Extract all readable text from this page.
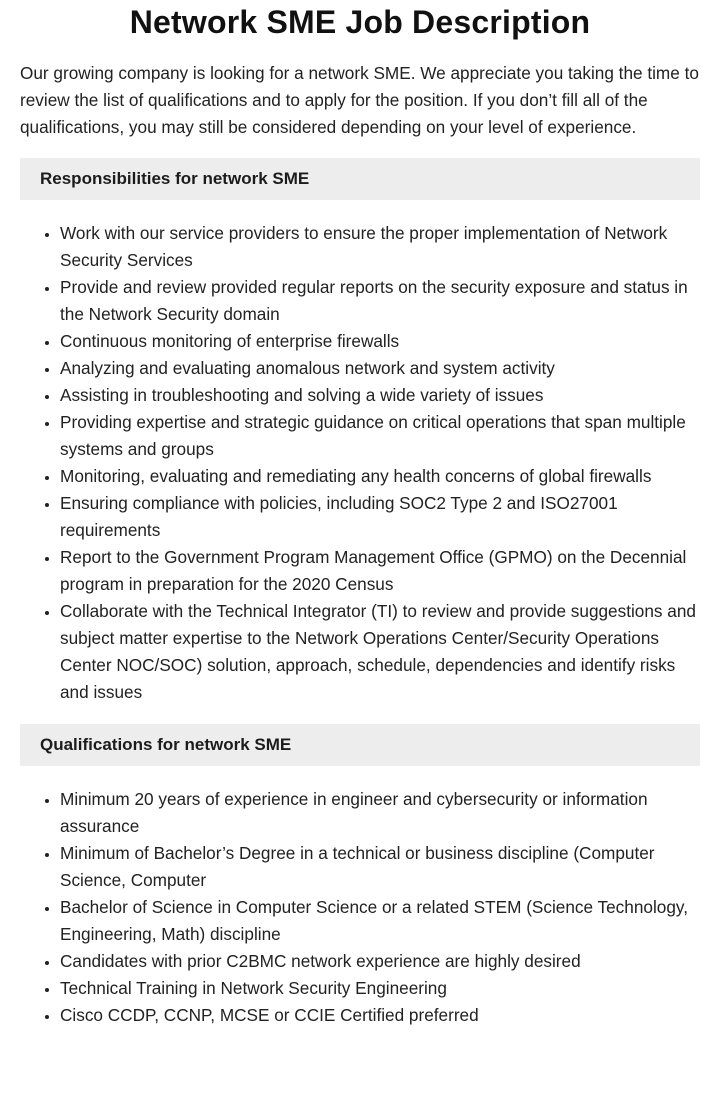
Network SME Job Description

Our growing company is looking for a network SME. We appreciate you taking the time to review the list of qualifications and to apply for the position. If you don’t fill all of the qualifications, you may still be considered depending on your level of experience.

Responsibilities for network SME
• Work with our service providers to ensure the proper implementation of Network Security Services
• Provide and review provided regular reports on the security exposure and status in the Network Security domain
• Continuous monitoring of enterprise firewalls
• Analyzing and evaluating anomalous network and system activity
• Assisting in troubleshooting and solving a wide variety of issues
• Providing expertise and strategic guidance on critical operations that span multiple systems and groups
• Monitoring, evaluating and remediating any health concerns of global firewalls
• Ensuring compliance with policies, including SOC2 Type 2 and ISO27001 requirements
• Report to the Government Program Management Office (GPMO) on the Decennial program in preparation for the 2020 Census
• Collaborate with the Technical Integrator (TI) to review and provide suggestions and subject matter expertise to the Network Operations Center/Security Operations Center NOC/SOC) solution, approach, schedule, dependencies and identify risks and issues
Qualifications for network SME
• Minimum 20 years of experience in engineer and cybersecurity or information assurance
• Minimum of Bachelor’s Degree in a technical or business discipline (Computer Science, Computer
• Bachelor of Science in Computer Science or a related STEM (Science Technology, Engineering, Math) discipline
• Candidates with prior C2BMC network experience are highly desired
• Technical Training in Network Security Engineering
• Cisco CCDP, CCNP, MCSE or CCIE Certified preferred
